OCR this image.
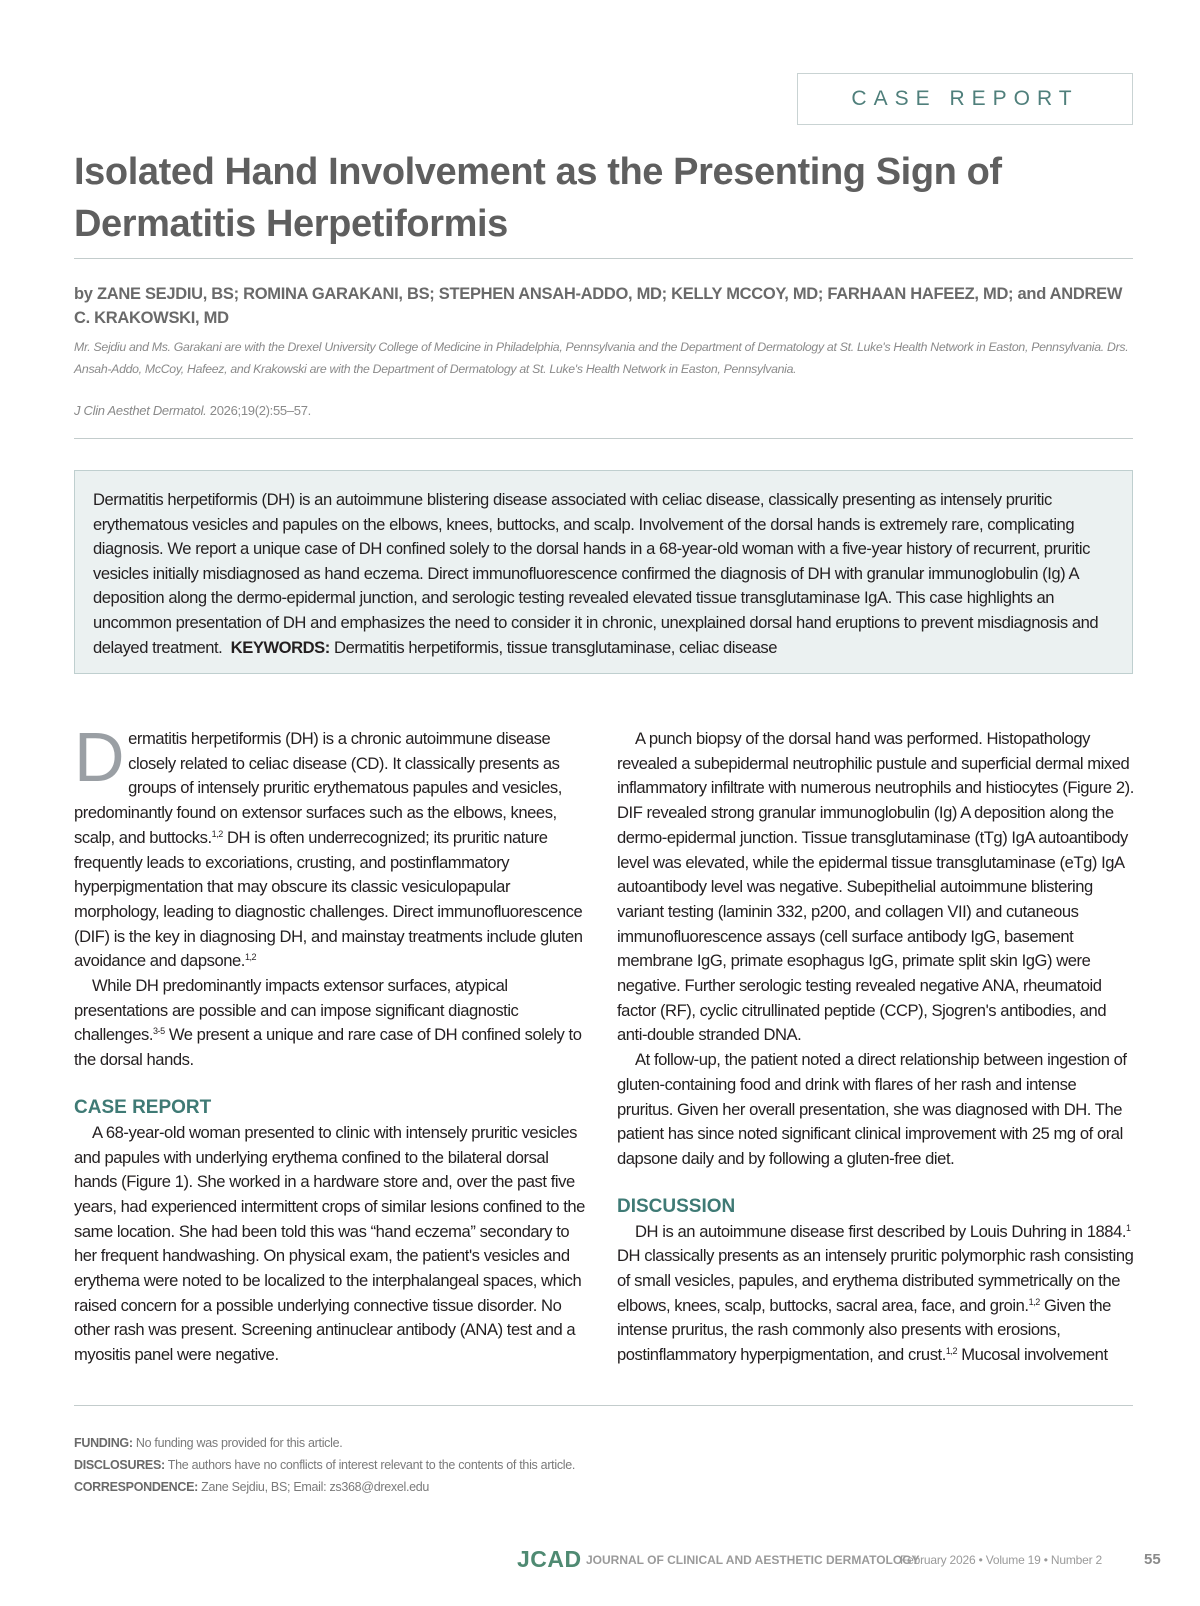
CASE REPORT
Isolated Hand Involvement as the Presenting Sign of Dermatitis Herpetiformis

by ZANE SEJDIU, BS; ROMINA GARAKANI, BS; STEPHEN ANSAH-ADDO, MD; KELLY MCCOY, MD; FARHAAN HAFEEZ, MD; and ANDREW C. KRAKOWSKI, MD

Mr. Sejdiu and Ms. Garakani are with the Drexel University College of Medicine in Philadelphia, Pennsylvania and the Department of Dermatology at St. Luke's Health Network in Easton, Pennsylvania. Drs. Ansah-Addo, McCoy, Hafeez, and Krakowski are with the Department of Dermatology at St. Luke's Health Network in Easton, Pennsylvania.

J Clin Aesthet Dermatol. 2026;19(2):55–57.

Dermatitis herpetiformis (DH) is an autoimmune blistering disease associated with celiac disease, classically presenting as intensely pruritic erythematous vesicles and papules on the elbows, knees, buttocks, and scalp. Involvement of the dorsal hands is extremely rare, complicating diagnosis. We report a unique case of DH confined solely to the dorsal hands in a 68-year-old woman with a five-year history of recurrent, pruritic vesicles initially misdiagnosed as hand eczema. Direct immunofluorescence confirmed the diagnosis of DH with granular immunoglobulin (Ig) A deposition along the dermo-epidermal junction, and serologic testing revealed elevated tissue transglutaminase IgA. This case highlights an uncommon presentation of DH and emphasizes the need to consider it in chronic, unexplained dorsal hand eruptions to prevent misdiagnosis and delayed treatment. KEYWORDS: Dermatitis herpetiformis, tissue transglutaminase, celiac disease

Dermatitis herpetiformis (DH) is a chronic autoimmune disease closely related to celiac disease (CD). It classically presents as groups of intensely pruritic erythematous papules and vesicles, predominantly found on extensor surfaces such as the elbows, knees, scalp, and buttocks.$^{1,2}$ DH is often underrecognized; its pruritic nature frequently leads to excoriations, crusting, and postinflammatory hyperpigmentation that may obscure its classic vesiculopapular morphology, leading to diagnostic challenges. Direct immunofluorescence (DIF) is the key in diagnosing DH, and mainstay treatments include gluten avoidance and dapsone.$^{1,2}$

While DH predominantly impacts extensor surfaces, atypical presentations are possible and can impose significant diagnostic challenges.$^{3-5}$ We present a unique and rare case of DH confined solely to the dorsal hands.

CASE REPORT

A 68-year-old woman presented to clinic with intensely pruritic vesicles and papules with underlying erythema confined to the bilateral dorsal hands (Figure 1). She worked in a hardware store and, over the past five years, had experienced intermittent crops of similar lesions confined to the same location. She had been told this was “hand eczema” secondary to her frequent handwashing. On physical exam, the patient's vesicles and erythema were noted to be localized to the interphalangeal spaces, which raised concern for a possible underlying connective tissue disorder. No other rash was present. Screening antinuclear antibody (ANA) test and a myositis panel were negative.

A punch biopsy of the dorsal hand was performed. Histopathology revealed a subepidermal neutrophilic pustule and superficial dermal mixed inflammatory infiltrate with numerous neutrophils and histiocytes (Figure 2). DIF revealed strong granular immunoglobulin (Ig) A deposition along the dermo-epidermal junction. Tissue transglutaminase (tTg) IgA autoantibody level was elevated, while the epidermal tissue transglutaminase (eTg) IgA autoantibody level was negative. Subepithelial autoimmune blistering variant testing (laminin 332, p200, and collagen VII) and cutaneous immunofluorescence assays (cell surface antibody IgG, basement membrane IgG, primate esophagus IgG, primate split skin IgG) were negative. Further serologic testing revealed negative ANA, rheumatoid factor (RF), cyclic citrullinated peptide (CCP), Sjogren's antibodies, and anti-double stranded DNA.

At follow-up, the patient noted a direct relationship between ingestion of gluten-containing food and drink with flares of her rash and intense pruritus. Given her overall presentation, she was diagnosed with DH. The patient has since noted significant clinical improvement with 25 mg of oral dapsone daily and by following a gluten-free diet.

DISCUSSION

DH is an autoimmune disease first described by Louis Duhring in 1884.$^1$ DH classically presents as an intensely pruritic polymorphic rash consisting of small vesicles, papules, and erythema distributed symmetrically on the elbows, knees, scalp, buttocks, sacral area, face, and groin.$^{1,2}$ Given the intense pruritus, the rash commonly also presents with erosions, postinflammatory hyperpigmentation, and crust.$^{1,2}$ Mucosal involvement

FUNDING: No funding was provided for this article.
DISCLOSURES: The authors have no conflicts of interest relevant to the contents of this article.
CORRESPONDENCE: Zane Sejdiu, BS; Email: zs368@drexel.edu
JCAD JOURNAL OF CLINICAL AND AESTHETIC DERMATOLOGY
February 2026 • Volume 19 • Number 2	55
